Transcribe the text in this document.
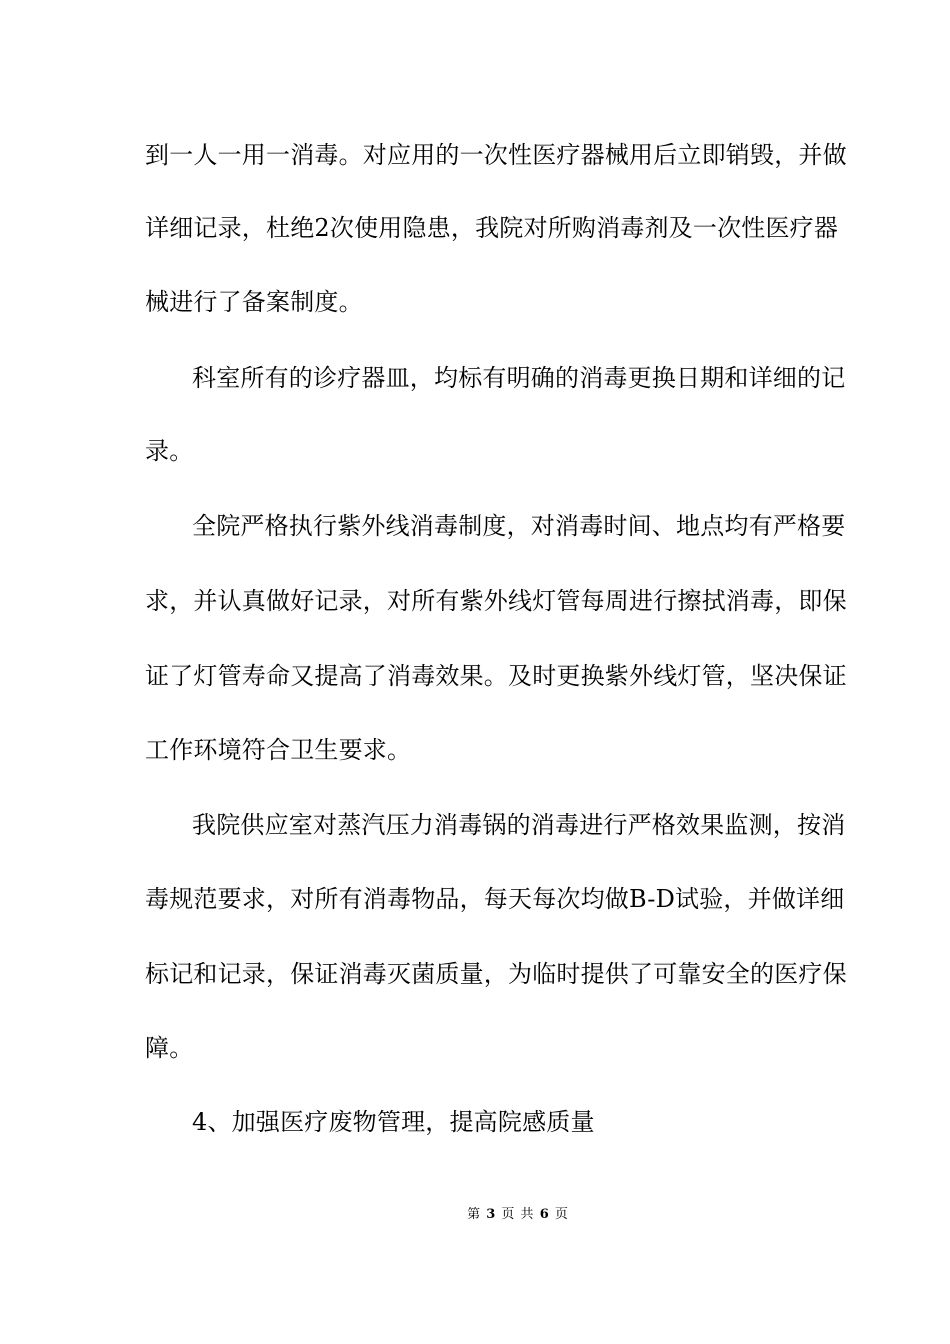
到一人一用一消毒。对应用的一次性医疗器械用后立即销毁，并做
详细记录，杜绝2次使用隐患，我院对所购消毒剂及一次性医疗器
械进行了备案制度。
科室所有的诊疗器皿，均标有明确的消毒更换日期和详细的记
录。
全院严格执行紫外线消毒制度，对消毒时间、地点均有严格要
求，并认真做好记录，对所有紫外线灯管每周进行擦拭消毒，即保
证了灯管寿命又提高了消毒效果。及时更换紫外线灯管，坚决保证
工作环境符合卫生要求。
我院供应室对蒸汽压力消毒锅的消毒进行严格效果监测，按消
毒规范要求，对所有消毒物品，每天每次均做B-D试验，并做详细
标记和记录，保证消毒灭菌质量，为临时提供了可靠安全的医疗保
障。
4、加强医疗废物管理，提高院感质量
第 3 页 共 6 页
